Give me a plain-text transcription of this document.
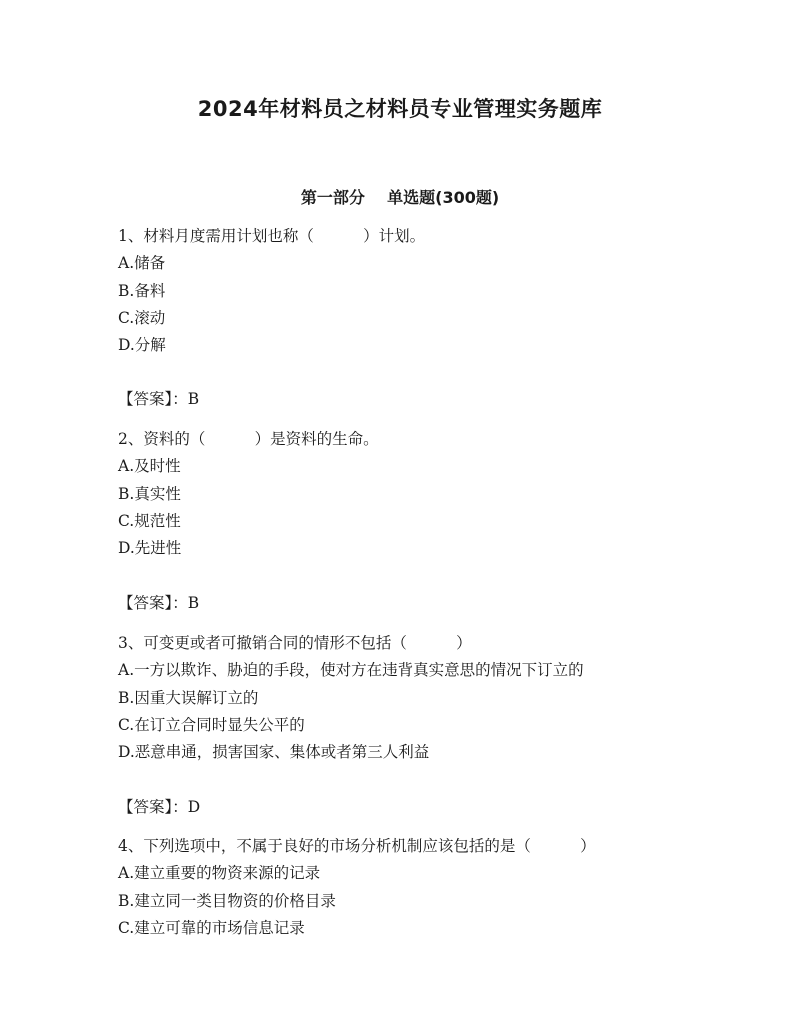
2024年材料员之材料员专业管理实务题库
第一部分    单选题(300题)
1、材料月度需用计划也称（          ）计划。
A.储备
B.备料
C.滚动
D.分解
【答案】：B
2、资料的（          ）是资料的生命。
A.及时性
B.真实性
C.规范性
D.先进性
【答案】：B
3、可变更或者可撤销合同的情形不包括（          ）
A.一方以欺诈、胁迫的手段，使对方在违背真实意思的情况下订立的
B.因重大误解订立的
C.在订立合同时显失公平的
D.恶意串通，损害国家、集体或者第三人利益
【答案】：D
4、下列选项中，不属于良好的市场分析机制应该包括的是（          ）
A.建立重要的物资来源的记录
B.建立同一类目物资的价格目录
C.建立可靠的市场信息记录
